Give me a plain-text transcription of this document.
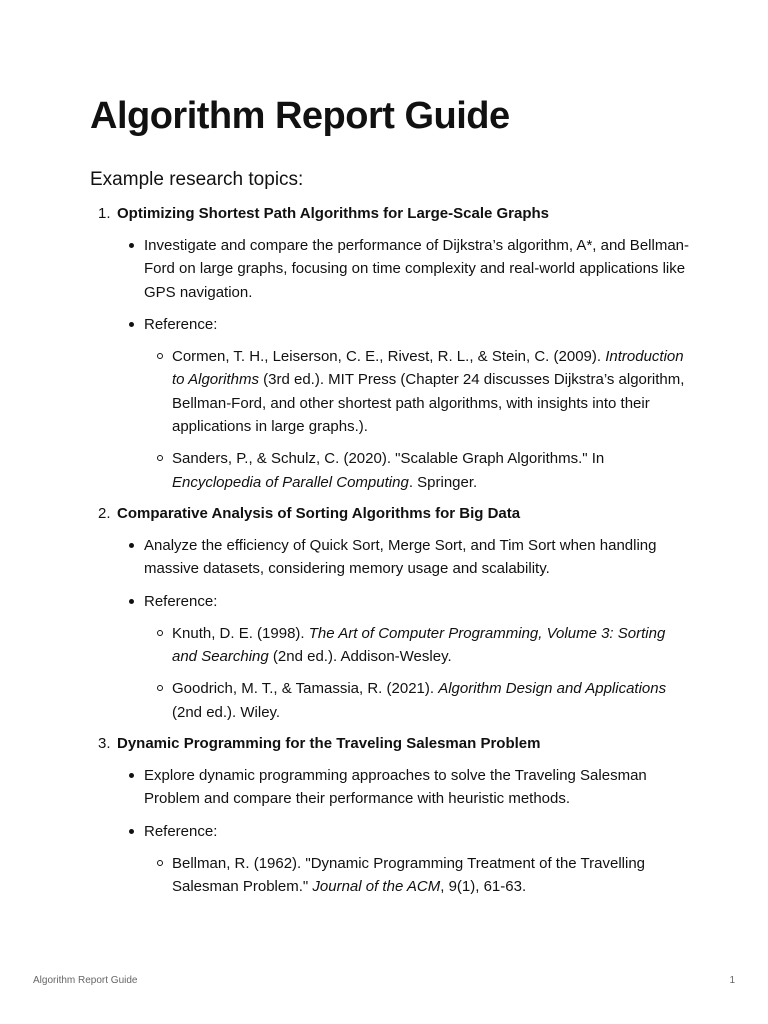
Algorithm Report Guide
Example research topics:
1. Optimizing Shortest Path Algorithms for Large-Scale Graphs
Investigate and compare the performance of Dijkstra’s algorithm, A*, and Bellman-Ford on large graphs, focusing on time complexity and real-world applications like GPS navigation.
Reference:
Cormen, T. H., Leiserson, C. E., Rivest, R. L., & Stein, C. (2009). Introduction to Algorithms (3rd ed.). MIT Press (Chapter 24 discusses Dijkstra’s algorithm, Bellman-Ford, and other shortest path algorithms, with insights into their applications in large graphs.).
Sanders, P., & Schulz, C. (2020). "Scalable Graph Algorithms." In Encyclopedia of Parallel Computing. Springer.
2. Comparative Analysis of Sorting Algorithms for Big Data
Analyze the efficiency of Quick Sort, Merge Sort, and Tim Sort when handling massive datasets, considering memory usage and scalability.
Reference:
Knuth, D. E. (1998). The Art of Computer Programming, Volume 3: Sorting and Searching (2nd ed.). Addison-Wesley.
Goodrich, M. T., & Tamassia, R. (2021). Algorithm Design and Applications (2nd ed.). Wiley.
3. Dynamic Programming for the Traveling Salesman Problem
Explore dynamic programming approaches to solve the Traveling Salesman Problem and compare their performance with heuristic methods.
Reference:
Bellman, R. (1962). "Dynamic Programming Treatment of the Travelling Salesman Problem." Journal of the ACM, 9(1), 61-63.
Algorithm Report Guide	1
